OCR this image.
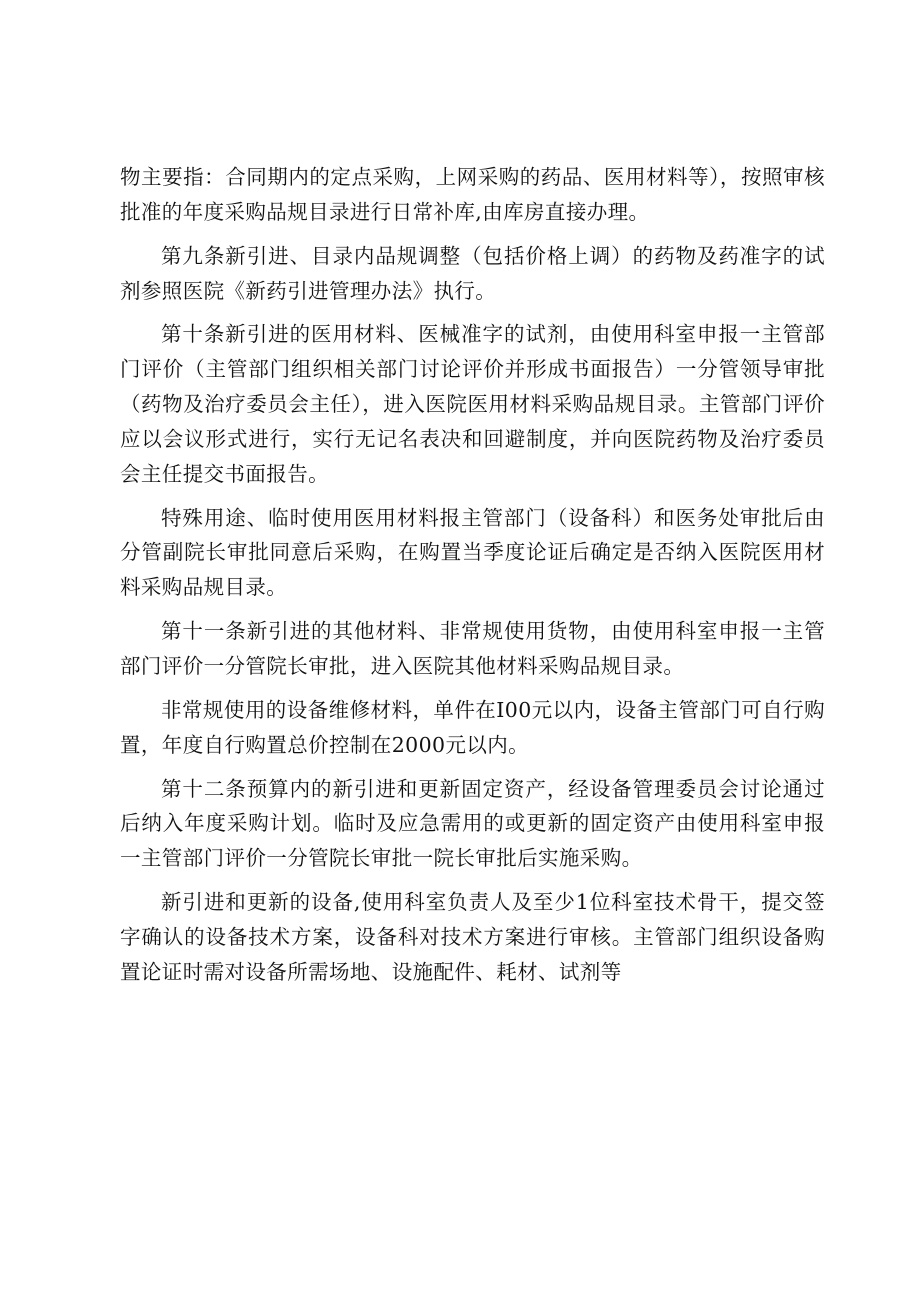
物主要指：合同期内的定点采购，上网采购的药品、医用材料等），按照审核批准的年度采购品规目录进行日常补库,由库房直接办理。

第九条新引进、目录内品规调整（包括价格上调）的药物及药准字的试剂参照医院《新药引进管理办法》执行。

第十条新引进的医用材料、医械准字的试剂，由使用科室申报一主管部门评价（主管部门组织相关部门讨论评价并形成书面报告）一分管领导审批（药物及治疗委员会主任），进入医院医用材料采购品规目录。主管部门评价应以会议形式进行，实行无记名表决和回避制度，并向医院药物及治疗委员会主任提交书面报告。

特殊用途、临时使用医用材料报主管部门（设备科）和医务处审批后由分管副院长审批同意后采购，在购置当季度论证后确定是否纳入医院医用材料采购品规目录。

第十一条新引进的其他材料、非常规使用货物，由使用科室申报一主管部门评价一分管院长审批，进入医院其他材料采购品规目录。

非常规使用的设备维修材料，单件在I00元以内，设备主管部门可自行购置，年度自行购置总价控制在2000元以内。

第十二条预算内的新引进和更新固定资产，经设备管理委员会讨论通过后纳入年度采购计划。临时及应急需用的或更新的固定资产由使用科室申报一主管部门评价一分管院长审批一院长审批后实施采购。

新引进和更新的设备,使用科室负责人及至少1位科室技术骨干，提交签字确认的设备技术方案，设备科对技术方案进行审核。主管部门组织设备购置论证时需对设备所需场地、设施配件、耗材、试剂等
